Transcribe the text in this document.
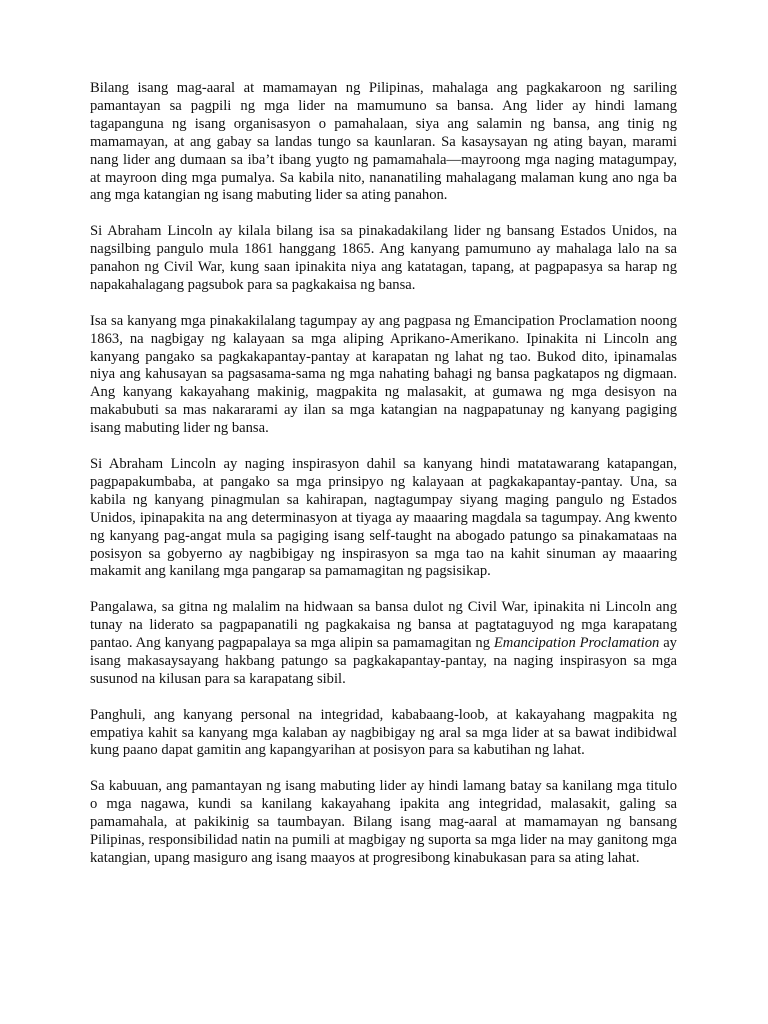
Bilang isang mag-aaral at mamamayan ng Pilipinas, mahalaga ang pagkakaroon ng sariling pamantayan sa pagpili ng mga lider na mamumuno sa bansa. Ang lider ay hindi lamang tagapanguna ng isang organisasyon o pamahalaan, siya ang salamin ng bansa, ang tinig ng mamamayan, at ang gabay sa landas tungo sa kaunlaran. Sa kasaysayan ng ating bayan, marami nang lider ang dumaan sa iba’t ibang yugto ng pamamahala—mayroong mga naging matagumpay, at mayroon ding mga pumalya. Sa kabila nito, nananatiling mahalagang malaman kung ano nga ba ang mga katangian ng isang mabuting lider sa ating panahon.

Si Abraham Lincoln ay kilala bilang isa sa pinakadakilang lider ng bansang Estados Unidos, na nagsilbing pangulo mula 1861 hanggang 1865. Ang kanyang pamumuno ay mahalaga lalo na sa panahon ng Civil War, kung saan ipinakita niya ang katatagan, tapang, at pagpapasya sa harap ng napakahalagang pagsubok para sa pagkakaisa ng bansa.

Isa sa kanyang mga pinakakilalang tagumpay ay ang pagpasa ng Emancipation Proclamation noong 1863, na nagbigay ng kalayaan sa mga aliping Aprikano-Amerikano. Ipinakita ni Lincoln ang kanyang pangako sa pagkakapantay-pantay at karapatan ng lahat ng tao. Bukod dito, ipinamalas niya ang kahusayan sa pagsasama-sama ng mga nahating bahagi ng bansa pagkatapos ng digmaan. Ang kanyang kakayahang makinig, magpakita ng malasakit, at gumawa ng mga desisyon na makabubuti sa mas nakararami ay ilan sa mga katangian na nagpapatunay ng kanyang pagiging isang mabuting lider ng bansa.

Si Abraham Lincoln ay naging inspirasyon dahil sa kanyang hindi matatawarang katapangan, pagpapakumbaba, at pangako sa mga prinsipyo ng kalayaan at pagkakapantay-pantay. Una, sa kabila ng kanyang pinagmulan sa kahirapan, nagtagumpay siyang maging pangulo ng Estados Unidos, ipinapakita na ang determinasyon at tiyaga ay maaaring magdala sa tagumpay. Ang kwento ng kanyang pag-angat mula sa pagiging isang self-taught na abogado patungo sa pinakamataas na posisyon sa gobyerno ay nagbibigay ng inspirasyon sa mga tao na kahit sinuman ay maaaring makamit ang kanilang mga pangarap sa pamamagitan ng pagsisikap.

Pangalawa, sa gitna ng malalim na hidwaan sa bansa dulot ng Civil War, ipinakita ni Lincoln ang tunay na liderato sa pagpapanatili ng pagkakaisa ng bansa at pagtataguyod ng mga karapatang pantao. Ang kanyang pagpapalaya sa mga alipin sa pamamagitan ng Emancipation Proclamation ay isang makasaysayang hakbang patungo sa pagkakapantay-pantay, na naging inspirasyon sa mga susunod na kilusan para sa karapatang sibil.

Panghuli, ang kanyang personal na integridad, kababaang-loob, at kakayahang magpakita ng empatiya kahit sa kanyang mga kalaban ay nagbibigay ng aral sa mga lider at sa bawat indibidwal kung paano dapat gamitin ang kapangyarihan at posisyon para sa kabutihan ng lahat.

Sa kabuuan, ang pamantayan ng isang mabuting lider ay hindi lamang batay sa kanilang mga titulo o mga nagawa, kundi sa kanilang kakayahang ipakita ang integridad, malasakit, galing sa pamamahala, at pakikinig sa taumbayan. Bilang isang mag-aaral at mamamayan ng bansang Pilipinas, responsibilidad natin na pumili at magbigay ng suporta sa mga lider na may ganitong mga katangian, upang masiguro ang isang maayos at progresibong kinabukasan para sa ating lahat.
